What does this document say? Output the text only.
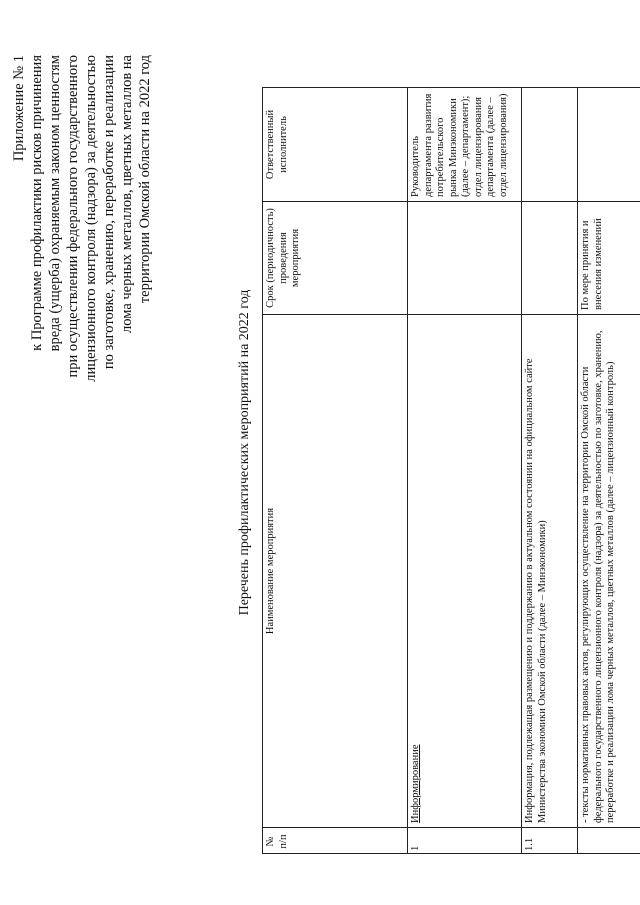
Приложение № 1 к Программе профилактики рисков причинения вреда (ущерба) охраняемым законом ценностям при осуществлении федерального государственного лицензионного контроля (надзора) за деятельностью по заготовке, хранению, переработке и реализации лома черных металлов, цветных металлов на территории Омской области на 2022 год
Перечень профилактических мероприятий на 2022 год
№ п/п	Наименование мероприятия	Срок (периодичность) проведения мероприятия	Ответственный исполнитель
1	Информирование		Руководитель департамента развития потребительского рынка Минэкономики (далее – департамент); отдел лицензирования департамента (далее – отдел лицензирования)
1.1	Информация, подлежащая размещению и поддержанию в актуальном состоянии на официальном сайте Министерства экономики Омской области (далее – Минэкономики)		
	- тексты нормативных правовых актов, регулирующих осуществление на территории Омской области федерального государственного лицензионного контроля (надзора) за деятельностью по заготовке, хранению, переработке и реализации лома черных металлов, цветных металлов (далее – лицензионный контроль)	По мере принятия и внесения изменений	
